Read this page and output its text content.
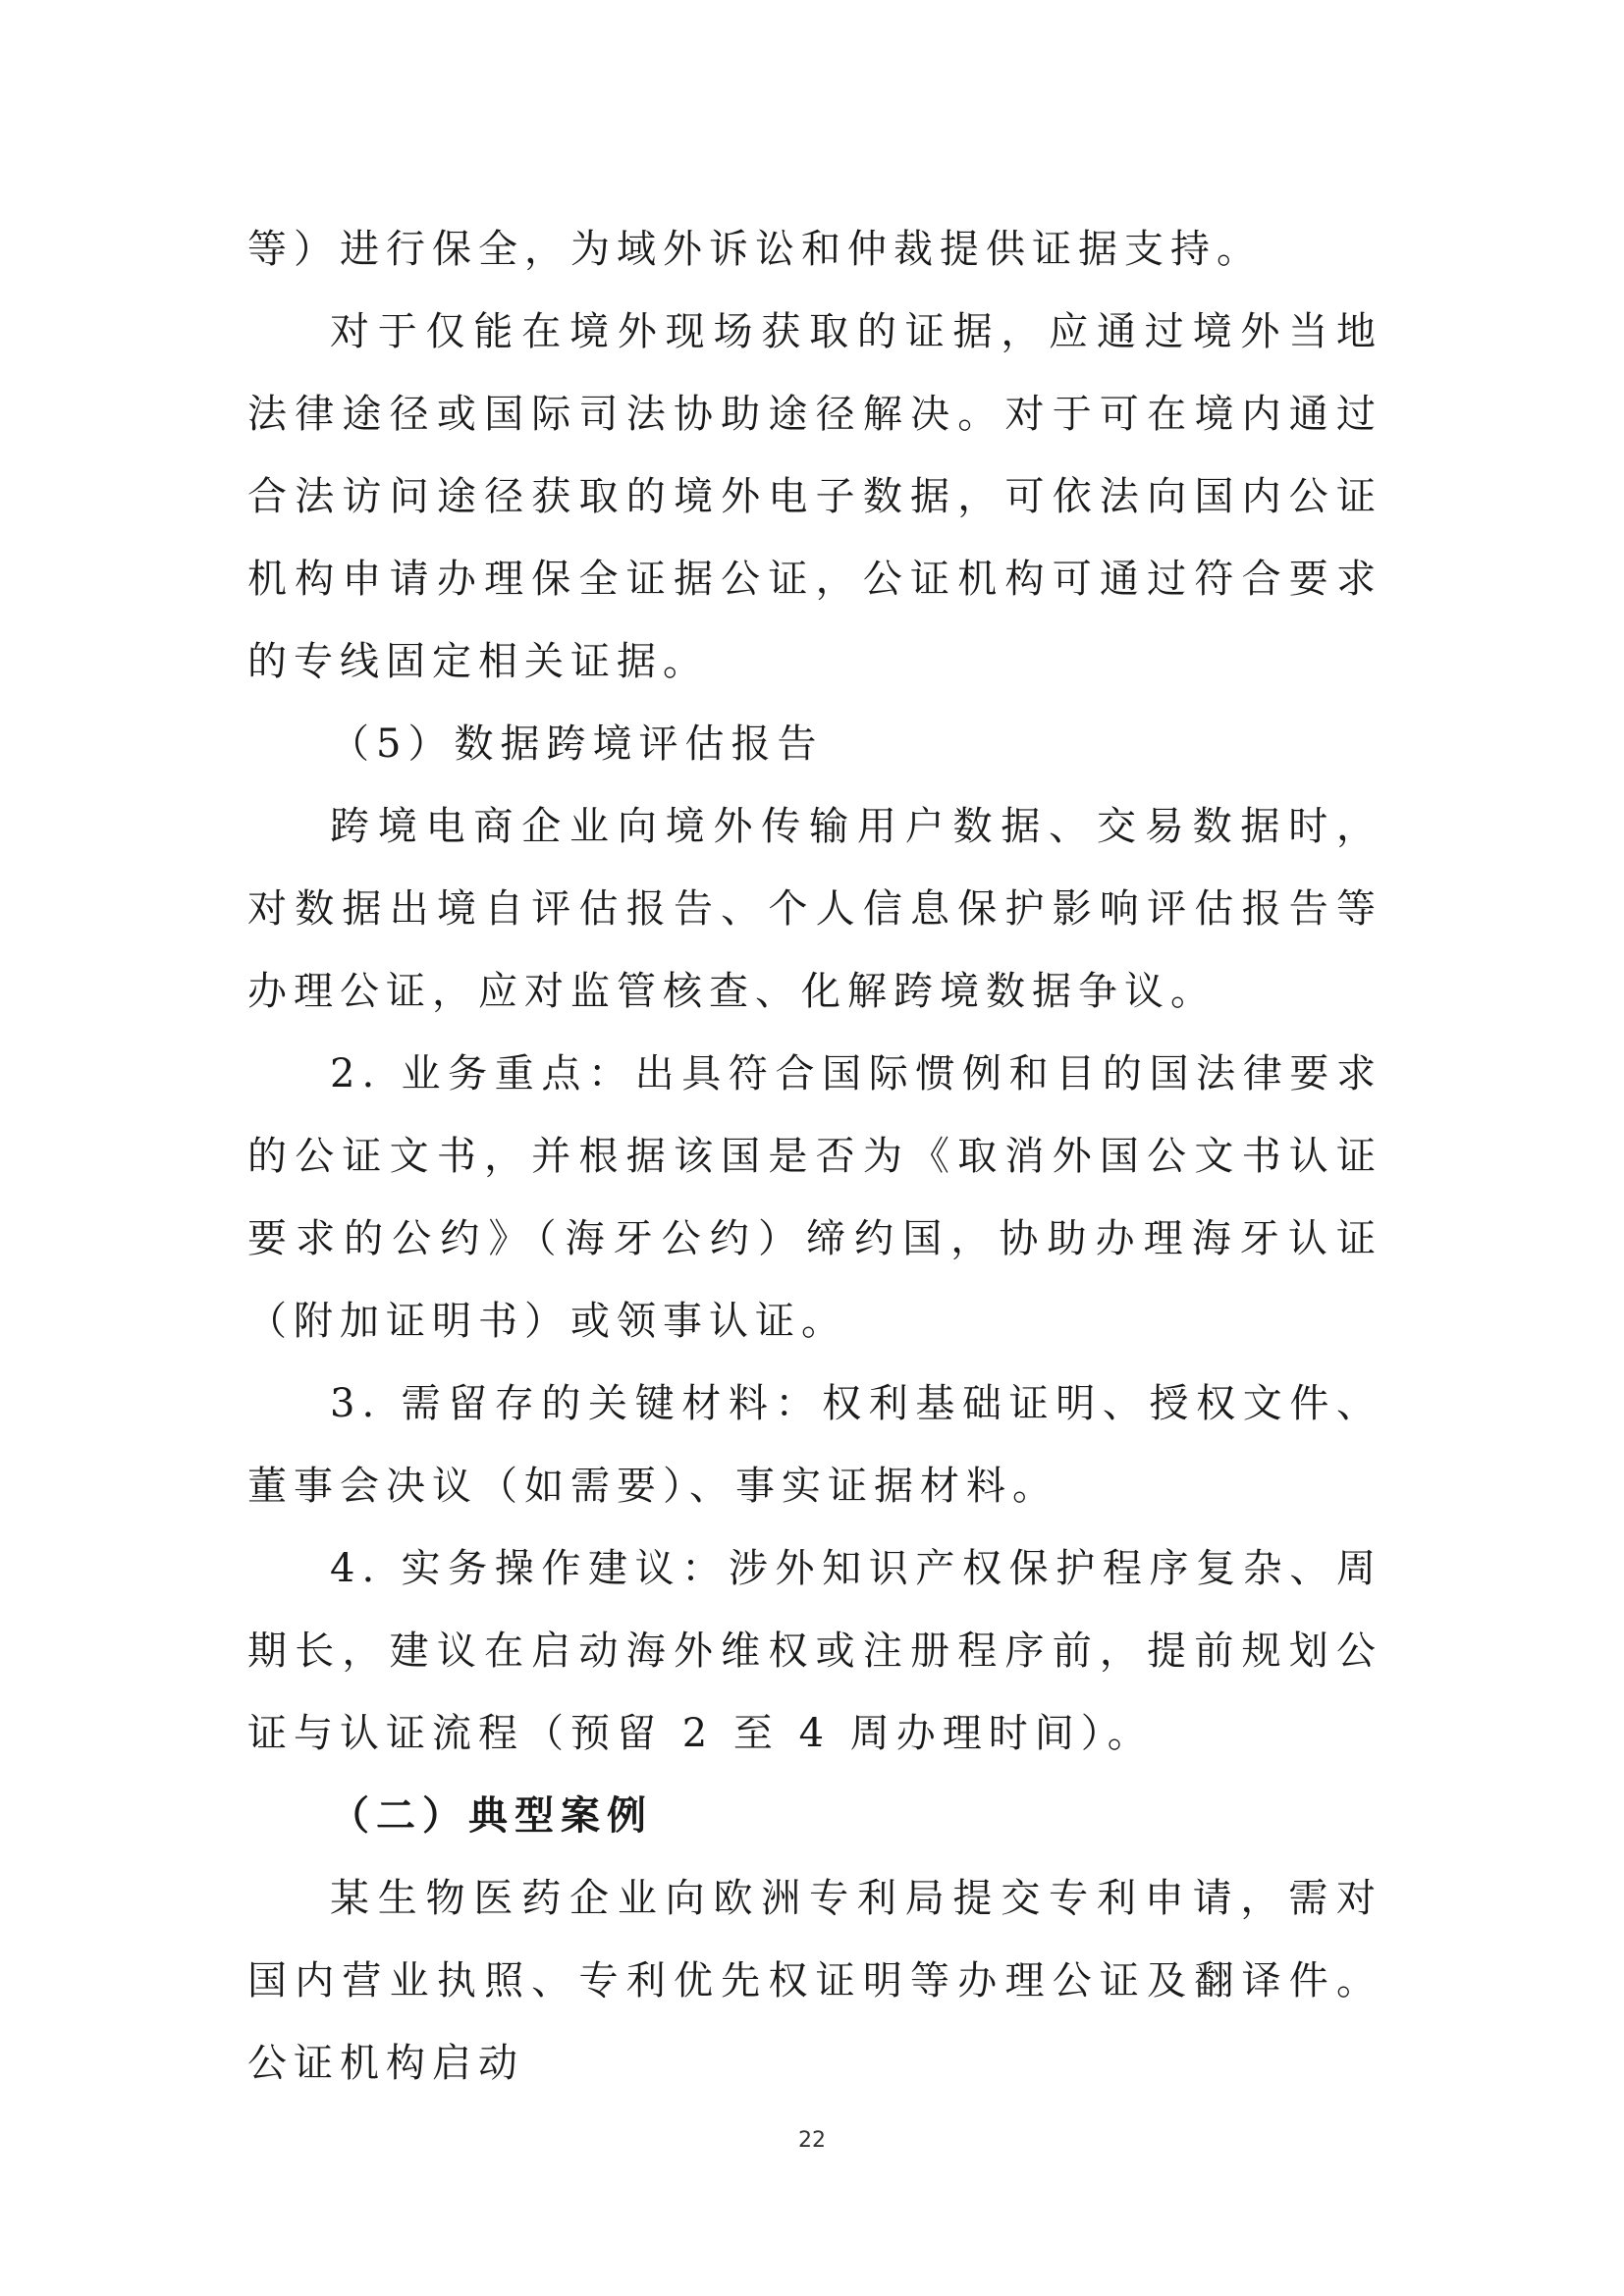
等）进行保全，为域外诉讼和仲裁提供证据支持。

对于仅能在境外现场获取的证据，应通过境外当地法律途径或国际司法协助途径解决。对于可在境内通过合法访问途径获取的境外电子数据，可依法向国内公证机构申请办理保全证据公证，公证机构可通过符合要求的专线固定相关证据。

（5）数据跨境评估报告

跨境电商企业向境外传输用户数据、交易数据时，对数据出境自评估报告、个人信息保护影响评估报告等办理公证，应对监管核查、化解跨境数据争议。

2. 业务重点：出具符合国际惯例和目的国法律要求的公证文书，并根据该国是否为《取消外国公文书认证要求的公约》（海牙公约）缔约国，协助办理海牙认证（附加证明书）或领事认证。

3. 需留存的关键材料：权利基础证明、授权文件、董事会决议（如需要）、事实证据材料。

4. 实务操作建议：涉外知识产权保护程序复杂、周期长，建议在启动海外维权或注册程序前，提前规划公证与认证流程（预留 2 至 4 周办理时间）。

（二）典型案例

某生物医药企业向欧洲专利局提交专利申请，需对国内营业执照、专利优先权证明等办理公证及翻译件。公证机构启动

22
